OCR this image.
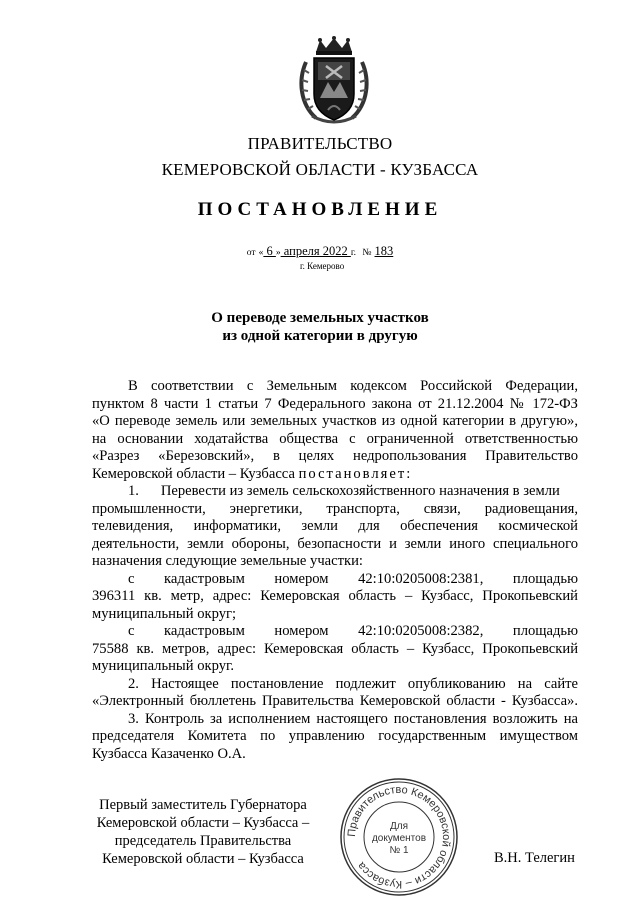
ПРАВИТЕЛЬСТВО
КЕМЕРОВСКОЙ ОБЛАСТИ - КУЗБАССА
ПОСТАНОВЛЕНИЕ
от « 6 » апреля 2022 г. № 183
г. Кемерово
О переводе земельных участков
из одной категории в другую
В соответствии с Земельным кодексом Российской Федерации,
пунктом 8 части 1 статьи 7 Федерального закона от 21.12.2004 № 172-ФЗ
«О переводе земель или земельных участков из одной категории в другую»,
на основании ходатайства общества с ограниченной ответственностью
«Разрез «Березовский», в целях недропользования Правительство
Кемеровской области – Кузбасса постановляет:
1.      Перевести из земель сельскохозяйственного назначения в земли
промышленности, энергетики, транспорта, связи, радиовещания,
телевидения, информатики, земли для обеспечения космической
деятельности, земли обороны, безопасности и земли иного специального
назначения следующие земельные участки:
с кадастровым номером 42:10:0205008:2381, площадью
396311 кв. метр, адрес: Кемеровская область – Кузбасс, Прокопьевский
муниципальный округ;
с кадастровым номером 42:10:0205008:2382, площадью
75588 кв. метров, адрес: Кемеровская область – Кузбасс, Прокопьевский
муниципальный округ.
2. Настоящее постановление подлежит опубликованию на сайте
«Электронный бюллетень Правительства Кемеровской области - Кузбасса».
3. Контроль за исполнением настоящего постановления возложить на
председателя Комитета по управлению государственным имуществом
Кузбасса Казаченко О.А.
Первый заместитель Губернатора
Кемеровской области – Кузбасса –
председатель Правительства
Кемеровской области – Кузбасса
Правительство Кемеровской области – Кузбасса
Для
документов
№ 1	В.Н. Телегин
